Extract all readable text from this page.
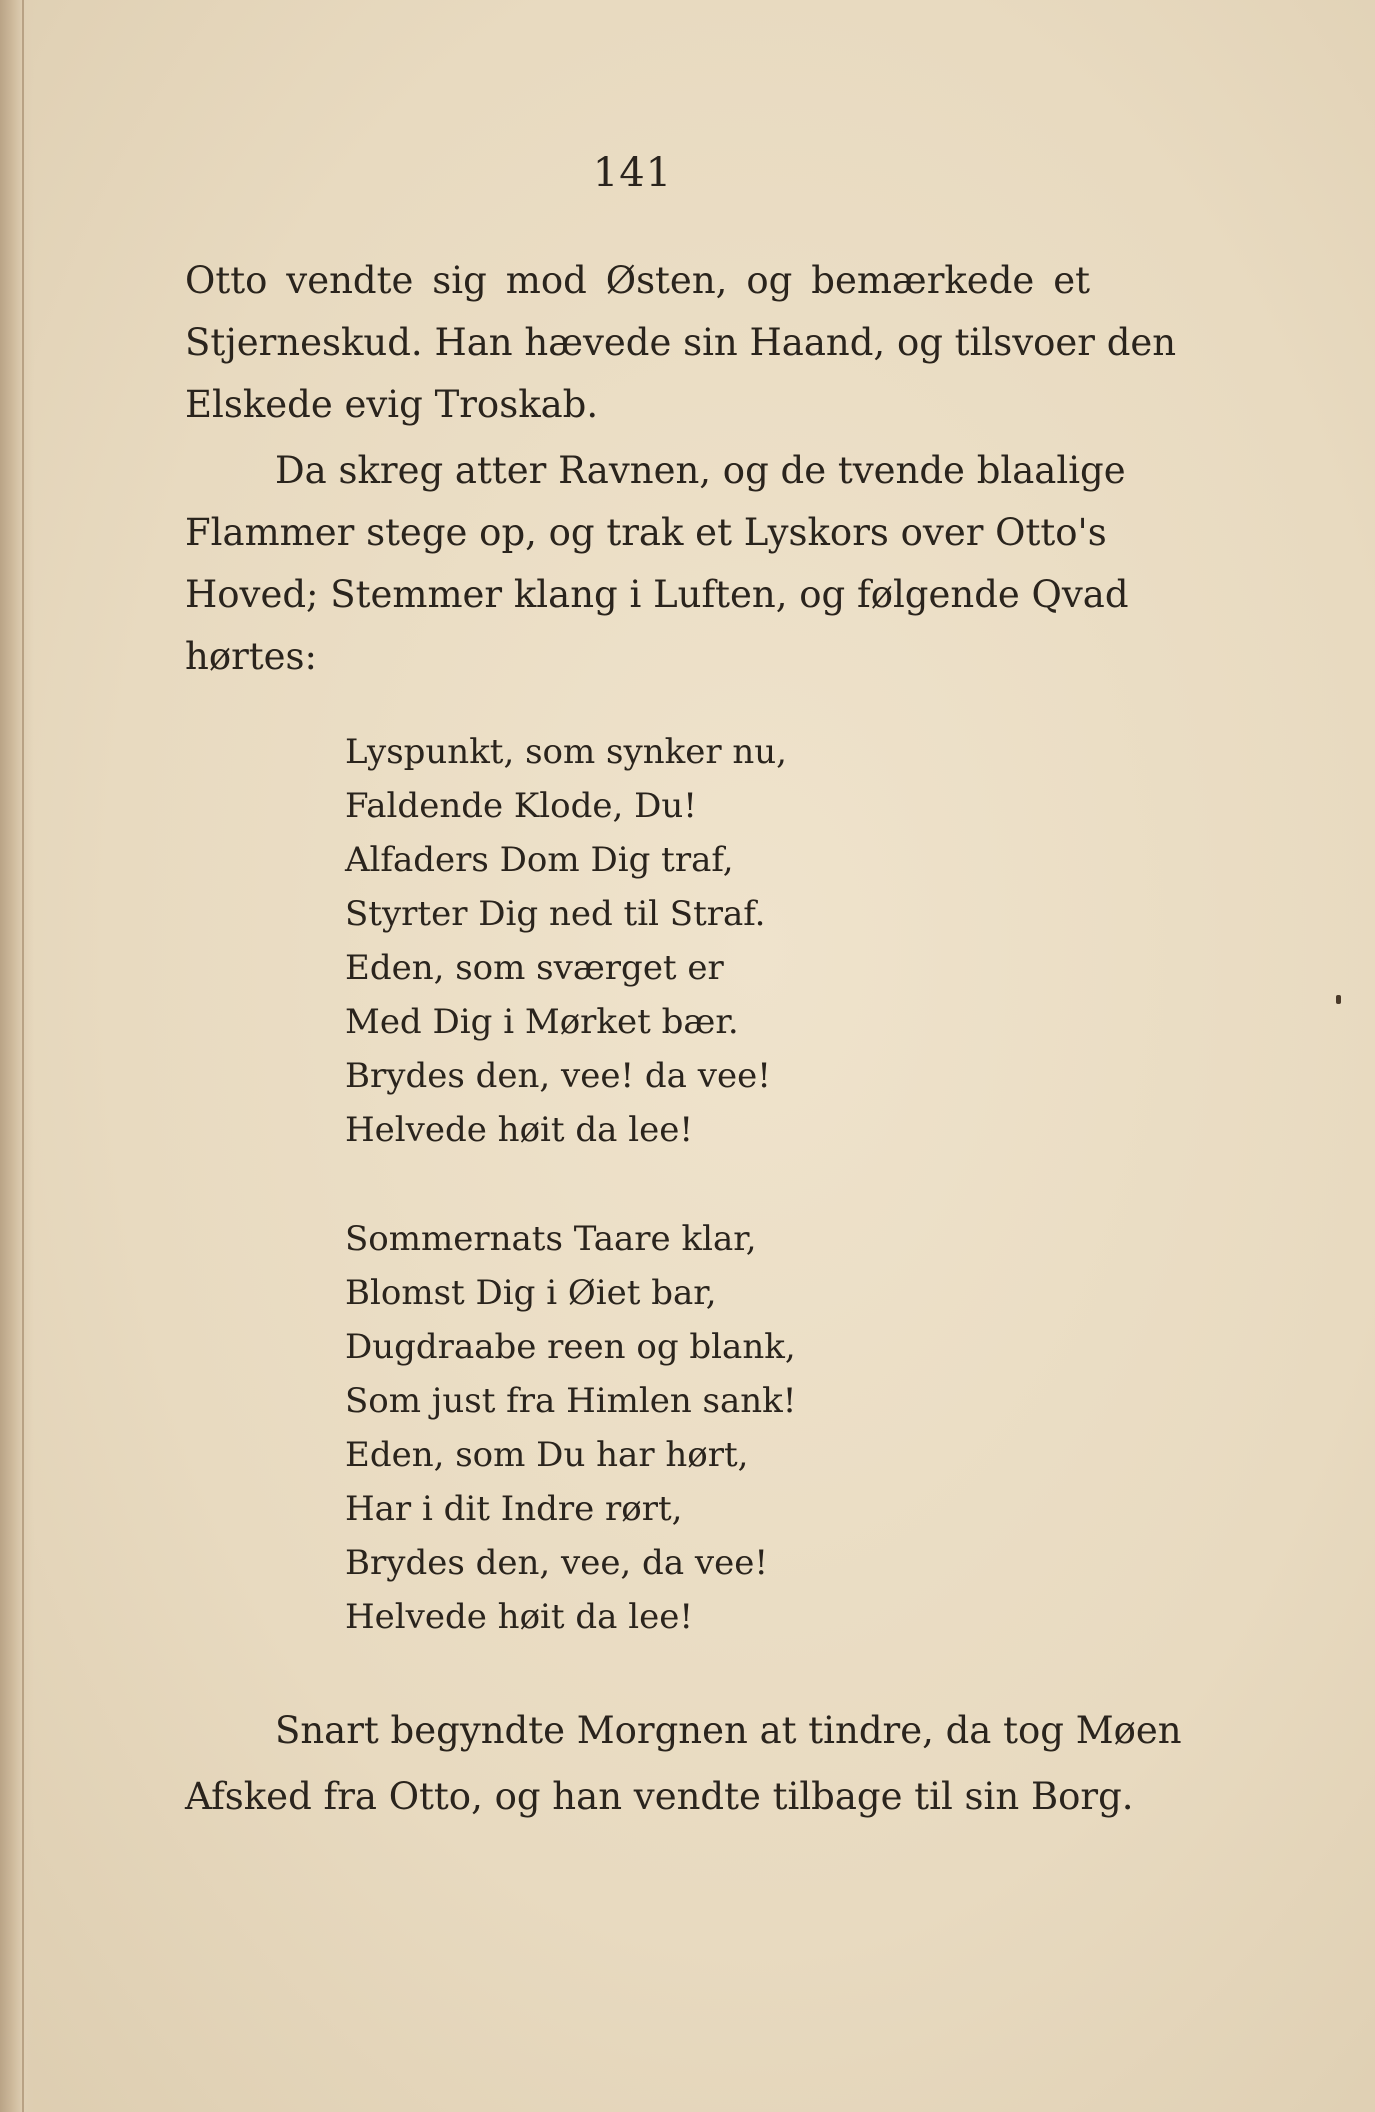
141
Otto vendte sig mod Østen, og bemærkede et
Stjerneskud. Han hævede sin Haand, og tilsvoer den
Elskede evig Troskab.
Da skreg atter Ravnen, og de tvende blaalige
Flammer stege op, og trak et Lyskors over Otto's
Hoved; Stemmer klang i Luften, og følgende Qvad
hørtes:
Lyspunkt, som synker nu,
Faldende Klode, Du!
Alfaders Dom Dig traf,
Styrter Dig ned til Straf.
Eden, som sværget er
Med Dig i Mørket bær.
Brydes den, vee! da vee!
Helvede høit da lee!
Sommernats Taare klar,
Blomst Dig i Øiet bar,
Dugdraabe reen og blank,
Som just fra Himlen sank!
Eden, som Du har hørt,
Har i dit Indre rørt,
Brydes den, vee, da vee!
Helvede høit da lee!
Snart begyndte Morgnen at tindre, da tog Møen
Afsked fra Otto, og han vendte tilbage til sin Borg.
